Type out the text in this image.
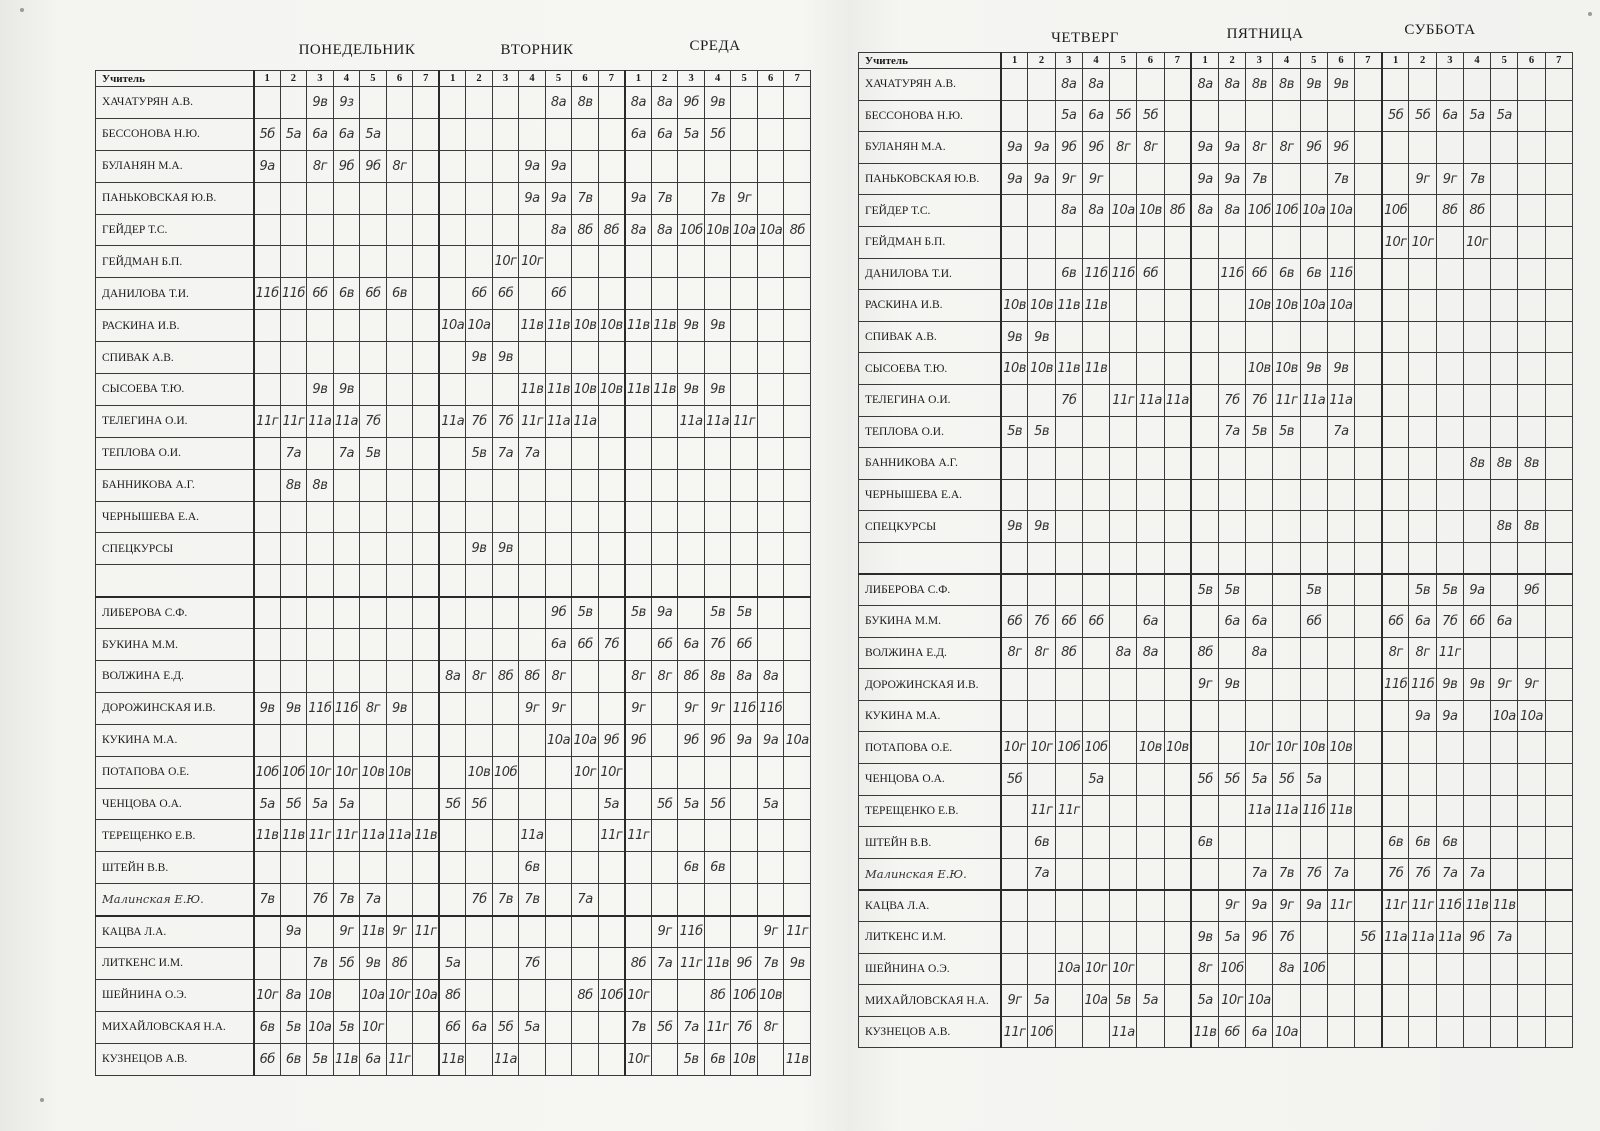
ПОНЕДЕЛЬНИК	ВТОРНИК	СРЕДА
Учитель	1	2	3	4	5	6	7	1	2	3	4	5	6	7	1	2	3	4	5	6	7
ХАЧАТУРЯН А.В.			9в	9з								8а	8в		8а	8а	9б	9в			
БЕССОНОВА Н.Ю.	5б	5а	6а	6а	5а										6а	6а	5а	5б			
БУЛАНЯН М.А.	9а		8г	9б	9б	8г					9а	9а									
ПАНЬКОВСКАЯ Ю.В.											9а	9а	7в		9а	7в		7в	9г		
ГЕЙДЕР Т.С.												8а	8б	8б	8а	8а	10б	10в	10а	10а	8б
ГЕЙДМАН Б.П.										10г	10г										
ДАНИЛОВА Т.И.	11б	11б	6б	6в	6б	6в			6б	6б		6б									
РАСКИНА И.В.								10а	10а		11в	11в	10в	10в	11в	11в	9в	9в			
СПИВАК А.В.									9в	9в											
СЫСОЕВА Т.Ю.			9в	9в							11в	11в	10в	10в	11в	11в	9в	9в			
ТЕЛЕГИНА О.И.	11г	11г	11а	11а	7б			11а	7б	7б	11г	11а	11а				11а	11а	11г		
ТЕПЛОВА О.И.		7а		7а	5в				5в	7а	7а										
БАННИКОВА А.Г.		8в	8в																		
ЧЕРНЫШЕВА Е.А.																					
СПЕЦКУРСЫ									9в	9в											

ЛИБЕРОВА С.Ф.												9б	5в		5в	9а		5в	5в		
БУКИНА М.М.												6а	6б	7б		6б	6а	7б	6б		
ВОЛЖИНА Е.Д.								8а	8г	8б	8б	8г			8г	8г	8б	8в	8а	8а	
ДОРОЖИНСКАЯ И.В.	9в	9в	11б	11б	8г	9в					9г	9г			9г		9г	9г	11б	11б	
КУКИНА М.А.												10а	10а	9б	9б		9б	9б	9а	9а	10а
ПОТАПОВА О.Е.	10б	10б	10г	10г	10в	10в			10в	10б			10г	10г							
ЧЕНЦОВА О.А.	5а	5б	5а	5а				5б	5б					5а		5б	5а	5б		5а	
ТЕРЕЩЕНКО Е.В.	11в	11в	11г	11г	11а	11а	11в				11а			11г	11г						
ШТЕЙН В.В.											6в						6в	6в			
Малинская Е.Ю.	7в		7б	7в	7а				7б	7в	7в		7а								
КАЦВА Л.А.		9а		9г	11в	9г	11г									9г	11б			9г	11г
ЛИТКЕНС И.М.			7в	5б	9в	8б		5а			7б				8б	7а	11г	11в	9б	7в	9в
ШЕЙНИНА О.Э.	10г	8а	10в		10а	10г	10а	8б					8б	10б	10г			8б	10б	10в	
МИХАЙЛОВСКАЯ Н.А.	6в	5в	10а	5в	10г			6б	6а	5б	5а				7в	5б	7а	11г	7б	8г	
КУЗНЕЦОВ А.В.	6б	6в	5в	11в	6а	11г		11в		11а					10г		5в	6в	10в		11в
ЧЕТВЕРГ	ПЯТНИЦА	СУББОТА
Учитель	1	2	3	4	5	6	7	1	2	3	4	5	6	7	1	2	3	4	5	6	7
ХАЧАТУРЯН А.В.			8а	8а				8а	8а	8в	8в	9в	9в								
БЕССОНОВА Н.Ю.			5а	6а	5б	5б									5б	5б	6а	5а	5а		
БУЛАНЯН М.А.	9а	9а	9б	9б	8г	8г		9а	9а	8г	8г	9б	9б								
ПАНЬКОВСКАЯ Ю.В.	9а	9а	9г	9г				9а	9а	7в			7в			9г	9г	7в			
ГЕЙДЕР Т.С.			8а	8а	10а	10в	8б	8а	8а	10б	10б	10а	10а		10б		8б	8б			
ГЕЙДМАН Б.П.															10г	10г		10г			
ДАНИЛОВА Т.И.			6в	11б	11б	6б			11б	6б	6в	6в	11б								
РАСКИНА И.В.	10в	10в	11в	11в						10в	10в	10а	10а								
СПИВАК А.В.	9в	9в																			
СЫСОЕВА Т.Ю.	10в	10в	11в	11в						10в	10в	9в	9в								
ТЕЛЕГИНА О.И.			7б		11г	11а	11а		7б	7б	11г	11а	11а								
ТЕПЛОВА О.И.	5в	5в							7а	5в	5в		7а								
БАННИКОВА А.Г.																		8в	8в	8в	
ЧЕРНЫШЕВА Е.А.																					
СПЕЦКУРСЫ	9в	9в																	8в	8в	

ЛИБЕРОВА С.Ф.								5в	5в			5в				5в	5в	9а		9б	
БУКИНА М.М.	6б	7б	6б	6б		6а			6а	6а		6б			6б	6а	7б	6б	6а		
ВОЛЖИНА Е.Д.	8г	8г	8б		8а	8а		8б		8а					8г	8г	11г				
ДОРОЖИНСКАЯ И.В.								9г	9в						11б	11б	9в	9в	9г	9г	
КУКИНА М.А.																9а	9а		10а	10а	
ПОТАПОВА О.Е.	10г	10г	10б	10б		10в	10в			10г	10г	10в	10в								
ЧЕНЦОВА О.А.	5б			5а				5б	5б	5а	5б	5а									
ТЕРЕЩЕНКО Е.В.		11г	11г							11а	11а	11б	11в								
ШТЕЙН В.В.		6в						6в							6в	6в	6в				
Малинская Е.Ю.		7а								7а	7в	7б	7а		7б	7б	7а	7а			
КАЦВА Л.А.									9г	9а	9г	9а	11г		11г	11г	11б	11в	11в		
ЛИТКЕНС И.М.								9в	5а	9б	7б			5б	11а	11а	11а	9б	7а		
ШЕЙНИНА О.Э.			10а	10г	10г			8г	10б		8а	10б									
МИХАЙЛОВСКАЯ Н.А.	9г	5а		10а	5в	5а		5а	10г	10а											
КУЗНЕЦОВ А.В.	11г	10б			11а			11в	6б	6а	10а										
